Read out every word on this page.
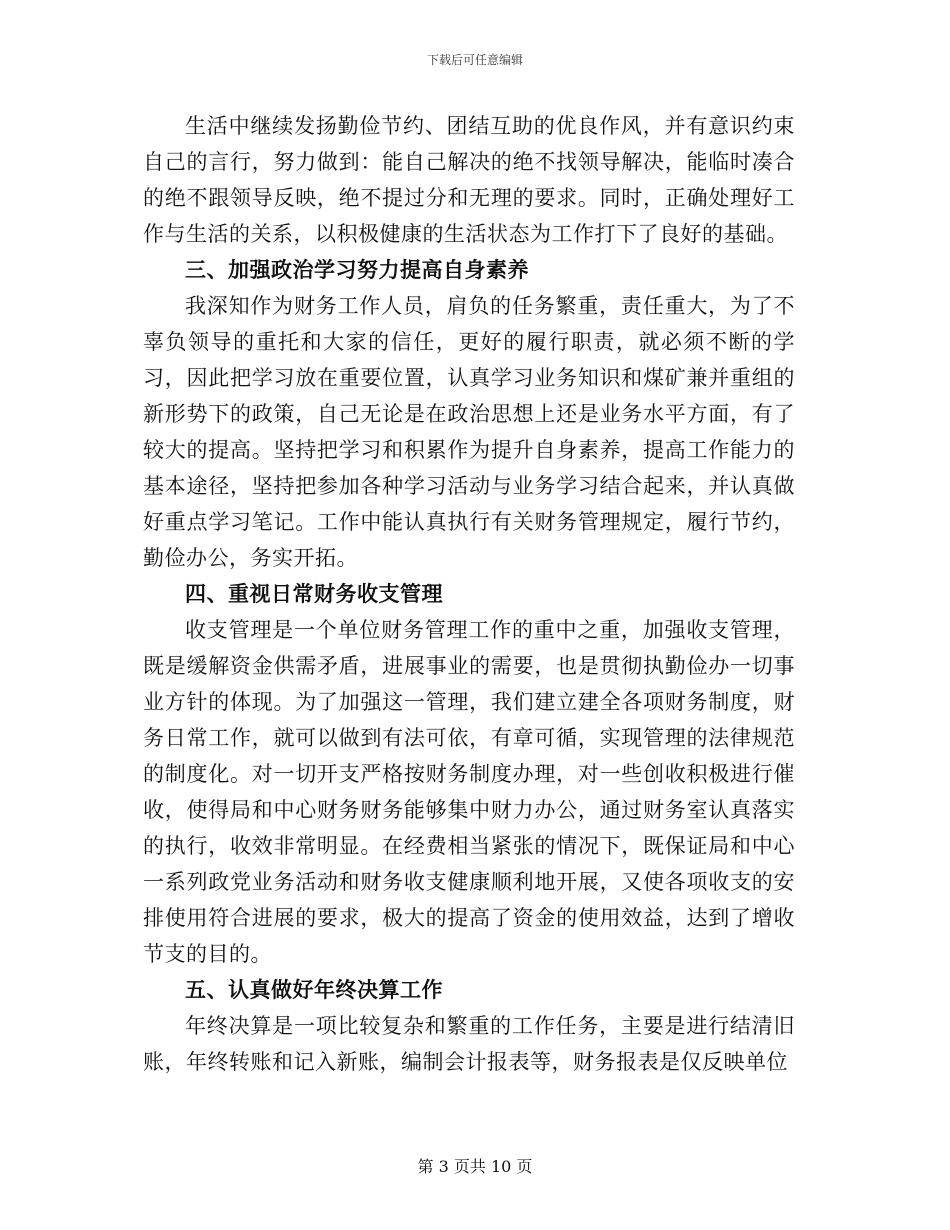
下载后可任意编辑

生活中继续发扬勤俭节约、团结互助的优良作风，并有意识约束自己的言行，努力做到：能自己解决的绝不找领导解决，能临时凑合的绝不跟领导反映，绝不提过分和无理的要求。同时，正确处理好工作与生活的关系，以积极健康的生活状态为工作打下了良好的基础。

三、加强政治学习努力提高自身素养

我深知作为财务工作人员，肩负的任务繁重，责任重大，为了不辜负领导的重托和大家的信任，更好的履行职责，就必须不断的学习，因此把学习放在重要位置，认真学习业务知识和煤矿兼并重组的新形势下的政策，自己无论是在政治思想上还是业务水平方面，有了较大的提高。坚持把学习和积累作为提升自身素养，提高工作能力的基本途径，坚持把参加各种学习活动与业务学习结合起来，并认真做好重点学习笔记。工作中能认真执行有关财务管理规定，履行节约，勤俭办公，务实开拓。

四、重视日常财务收支管理

收支管理是一个单位财务管理工作的重中之重，加强收支管理，既是缓解资金供需矛盾，进展事业的需要，也是贯彻执勤俭办一切事业方针的体现。为了加强这一管理，我们建立建全各项财务制度，财务日常工作，就可以做到有法可依，有章可循，实现管理的法律规范的制度化。对一切开支严格按财务制度办理，对一些创收积极进行催收，使得局和中心财务财务能够集中财力办公，通过财务室认真落实的执行，收效非常明显。在经费相当紧张的情况下，既保证局和中心一系列政党业务活动和财务收支健康顺利地开展，又使各项收支的安排使用符合进展的要求，极大的提高了资金的使用效益，达到了增收节支的目的。

五、认真做好年终决算工作

年终决算是一项比较复杂和繁重的工作任务，主要是进行结清旧账，年终转账和记入新账，编制会计报表等，财务报表是仅反映单位

第 3 页共 10 页
